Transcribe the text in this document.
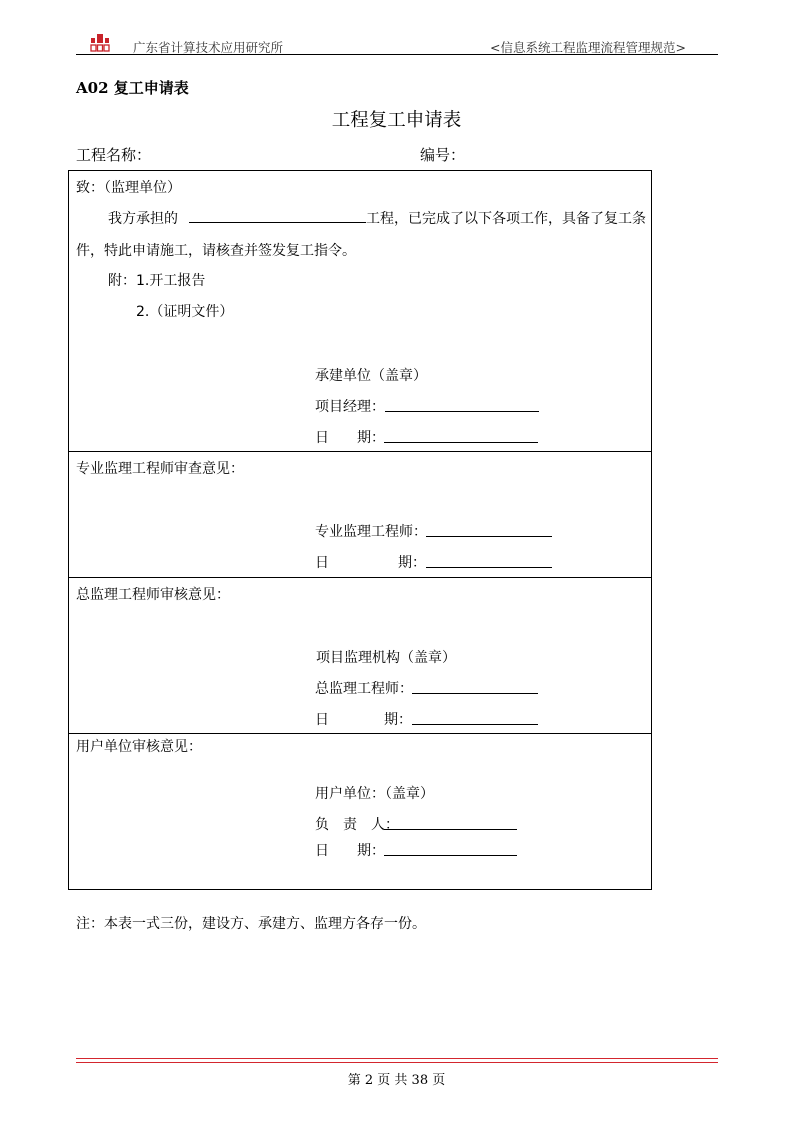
广东省计算技术应用研究所	<信息系统工程监理流程管理规范>
A02 复工申请表
工程复工申请表
工程名称：	编号：
致：（监理单位）
我方承担的	工程，已完成了以下各项工作，具备了复工条
件，特此申请施工，请核查并签发复工指令。
附：1.开工报告
2.（证明文件）
承建单位（盖章）
项目经理：
日　　期：
专业监理工程师审查意见：
专业监理工程师：
日	期：
总监理工程师审核意见：
项目监理机构（盖章）
总监理工程师：
日	期：
用户单位审核意见：
用户单位：（盖章）
负　责　人：
日　　期：
注：本表一式三份，建设方、承建方、监理方各存一份。
第 2 页 共 38 页
